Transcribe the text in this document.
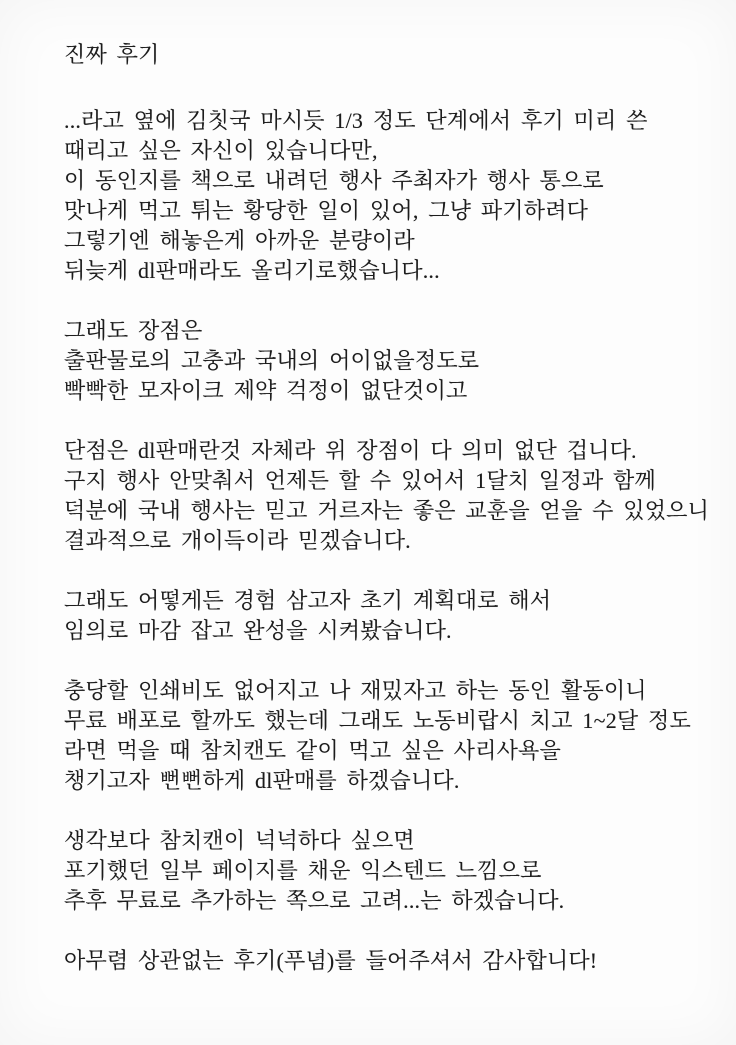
진짜 후기
...라고 옆에 김칫국 마시듯 1/3 정도 단계에서 후기 미리 쓴
때리고 싶은 자신이 있습니다만,
이 동인지를 책으로 내려던 행사 주최자가 행사 통으로
맛나게 먹고 튀는 황당한 일이 있어, 그냥 파기하려다
그렇기엔 해놓은게 아까운 분량이라
뒤늦게 dl판매라도 올리기로했습니다...
그래도 장점은
출판물로의 고충과 국내의 어이없을정도로
빡빡한 모자이크 제약 걱정이 없단것이고
단점은 dl판매란것 자체라 위 장점이 다 의미 없단 겁니다.
구지 행사 안맞춰서 언제든 할 수 있어서 1달치 일정과 함께
덕분에 국내 행사는 믿고 거르자는 좋은 교훈을 얻을 수 있었으니
결과적으로 개이득이라 믿겠습니다.
그래도 어떻게든 경험 삼고자 초기 계획대로 해서
임의로 마감 잡고 완성을 시켜봤습니다.
충당할 인쇄비도 없어지고 나 재밌자고 하는 동인 활동이니
무료 배포로 할까도 했는데 그래도 노동비랍시 치고 1~2달 정도
라면 먹을 때 참치캔도 같이 먹고 싶은 사리사욕을
챙기고자 뻔뻔하게 dl판매를 하겠습니다.
생각보다 참치캔이 넉넉하다 싶으면
포기했던 일부 페이지를 채운 익스텐드 느낌으로
추후 무료로 추가하는 쪽으로 고려...는 하겠습니다.
아무렴 상관없는 후기(푸념)를 들어주셔서 감사합니다!
